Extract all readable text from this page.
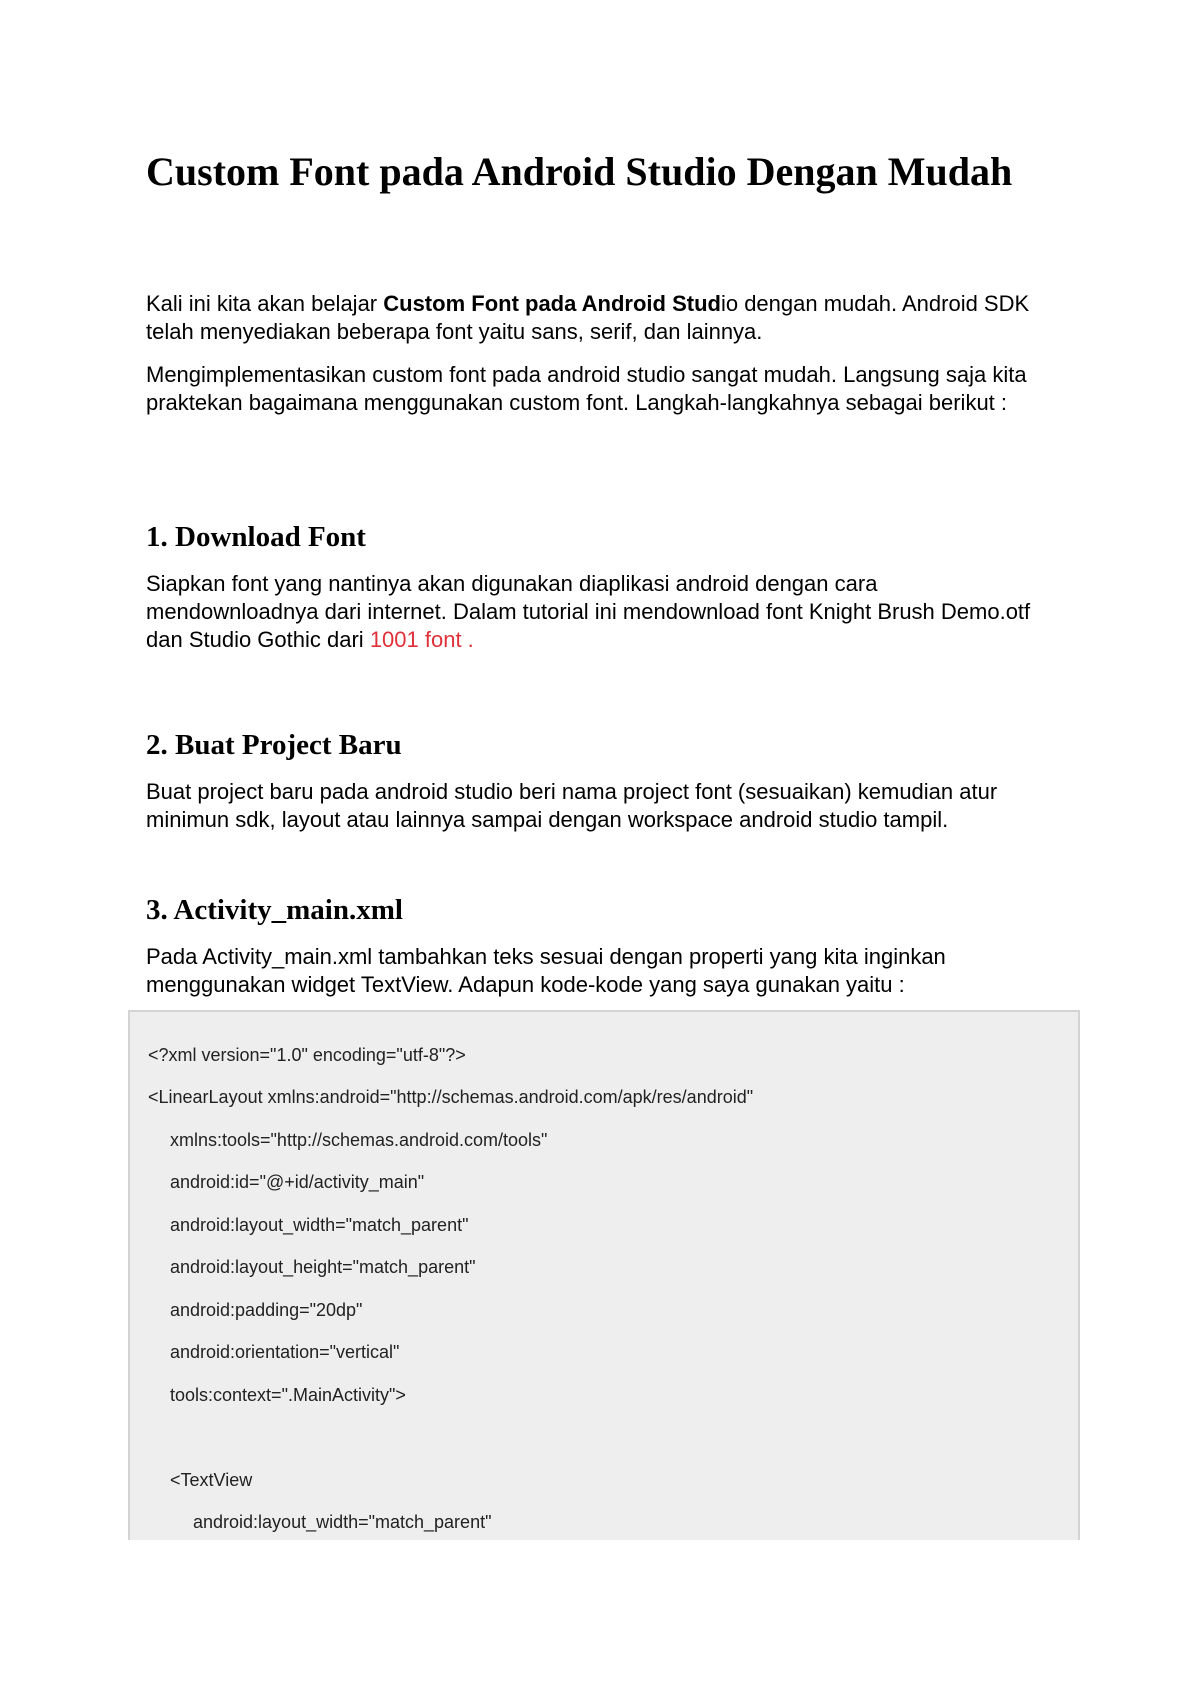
Custom Font pada Android Studio Dengan Mudah

Kali ini kita akan belajar Custom Font pada Android Studio dengan mudah. Android SDK telah menyediakan beberapa font yaitu sans, serif, dan lainnya.

Mengimplementasikan custom font pada android studio sangat mudah. Langsung saja kita praktekan bagaimana menggunakan custom font. Langkah-langkahnya sebagai berikut :

1. Download Font

Siapkan font yang nantinya akan digunakan diaplikasi android dengan cara mendownloadnya dari internet. Dalam tutorial ini mendownload font Knight Brush Demo.otf dan Studio Gothic dari 1001 font .

2. Buat Project Baru

Buat project baru pada android studio beri nama project font (sesuaikan) kemudian atur minimun sdk, layout atau lainnya sampai dengan workspace android studio tampil.

3. Activity_main.xml

Pada Activity_main.xml tambahkan teks sesuai dengan properti yang kita inginkan menggunakan widget TextView. Adapun kode-kode yang saya gunakan yaitu :

<?xml version="1.0" encoding="utf-8"?>
<LinearLayout xmlns:android="http://schemas.android.com/apk/res/android"
xmlns:tools="http://schemas.android.com/tools"
android:id="@+id/activity_main"
android:layout_width="match_parent"
android:layout_height="match_parent"
android:padding="20dp"
android:orientation="vertical"
tools:context=".MainActivity">
<TextView
android:layout_width="match_parent"
